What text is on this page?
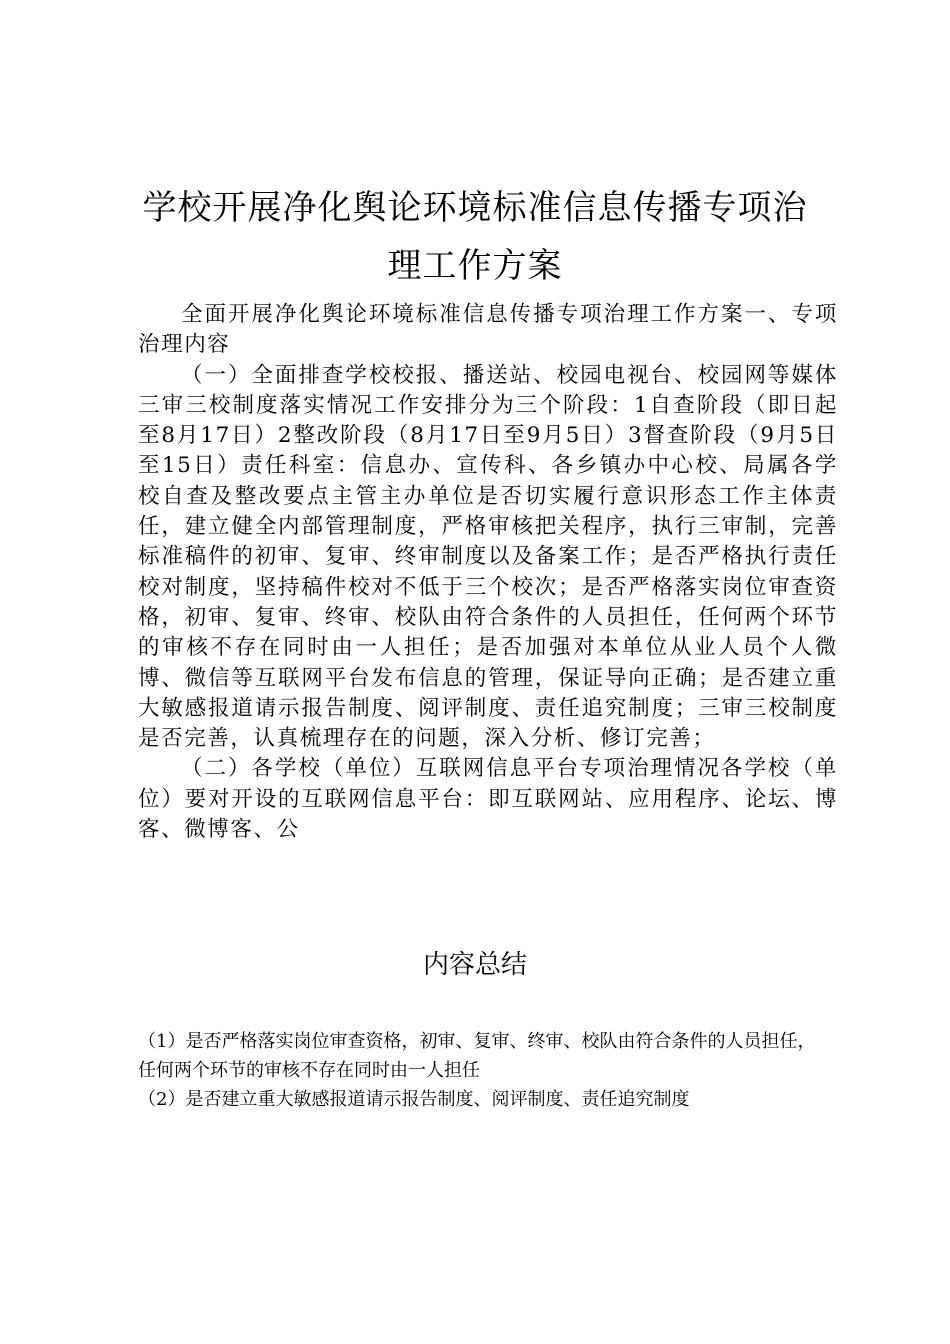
学校开展净化舆论环境标准信息传播专项治
理工作方案

全面开展净化舆论环境标准信息传播专项治理工作方案一、专项治理内容

（一）全面排查学校校报、播送站、校园电视台、校园网等媒体三审三校制度落实情况工作安排分为三个阶段：1自查阶段（即日起至8月17日）2整改阶段（8月17日至9月5日）3督查阶段（9月5日至15日）责任科室：信息办、宣传科、各乡镇办中心校、局属各学校自查及整改要点主管主办单位是否切实履行意识形态工作主体责任，建立健全内部管理制度，严格审核把关程序，执行三审制，完善标准稿件的初审、复审、终审制度以及备案工作；是否严格执行责任校对制度，坚持稿件校对不低于三个校次；是否严格落实岗位审查资格，初审、复审、终审、校队由符合条件的人员担任，任何两个环节的审核不存在同时由一人担任；是否加强对本单位从业人员个人微博、微信等互联网平台发布信息的管理，保证导向正确；是否建立重大敏感报道请示报告制度、阅评制度、责任追究制度；三审三校制度是否完善，认真梳理存在的问题，深入分析、修订完善；

（二）各学校（单位）互联网信息平台专项治理情况各学校（单位）要对开设的互联网信息平台：即互联网站、应用程序、论坛、博客、微博客、公

内容总结

（1）是否严格落实岗位审查资格，初审、复审、终审、校队由符合条件的人员担任，任何两个环节的审核不存在同时由一人担任

（2）是否建立重大敏感报道请示报告制度、阅评制度、责任追究制度
